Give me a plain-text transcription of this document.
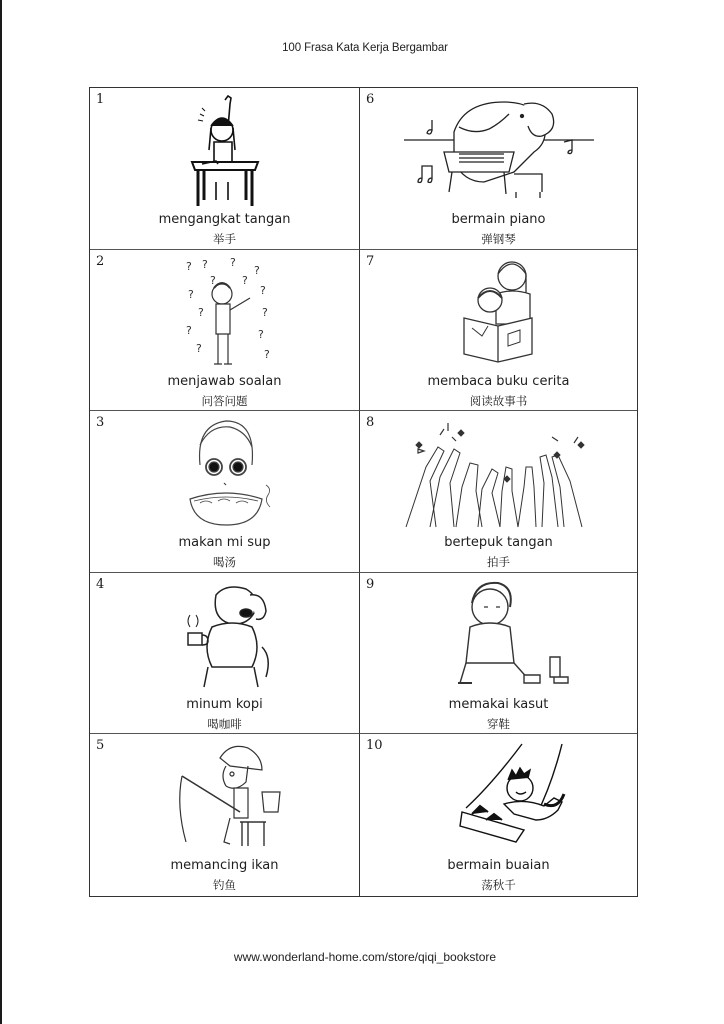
100 Frasa Kata Kerja Bergambar
1
mengangkat tangan
举手
6
bermain piano
弹钢琴
2	? ? ?
?
?	?
?	?
?	?
?	?
? ?
menjawab soalan
问答问题
7
membaca buku cerita
阅读故事书
3
makan mi sup
喝汤
8
bertepuk tangan
拍手
4
minum kopi
喝咖啡
9
memakai kasut
穿鞋
5
memancing ikan
钓鱼
10
bermain buaian
荡秋千
www.wonderland-home.com/store/qiqi_bookstore
